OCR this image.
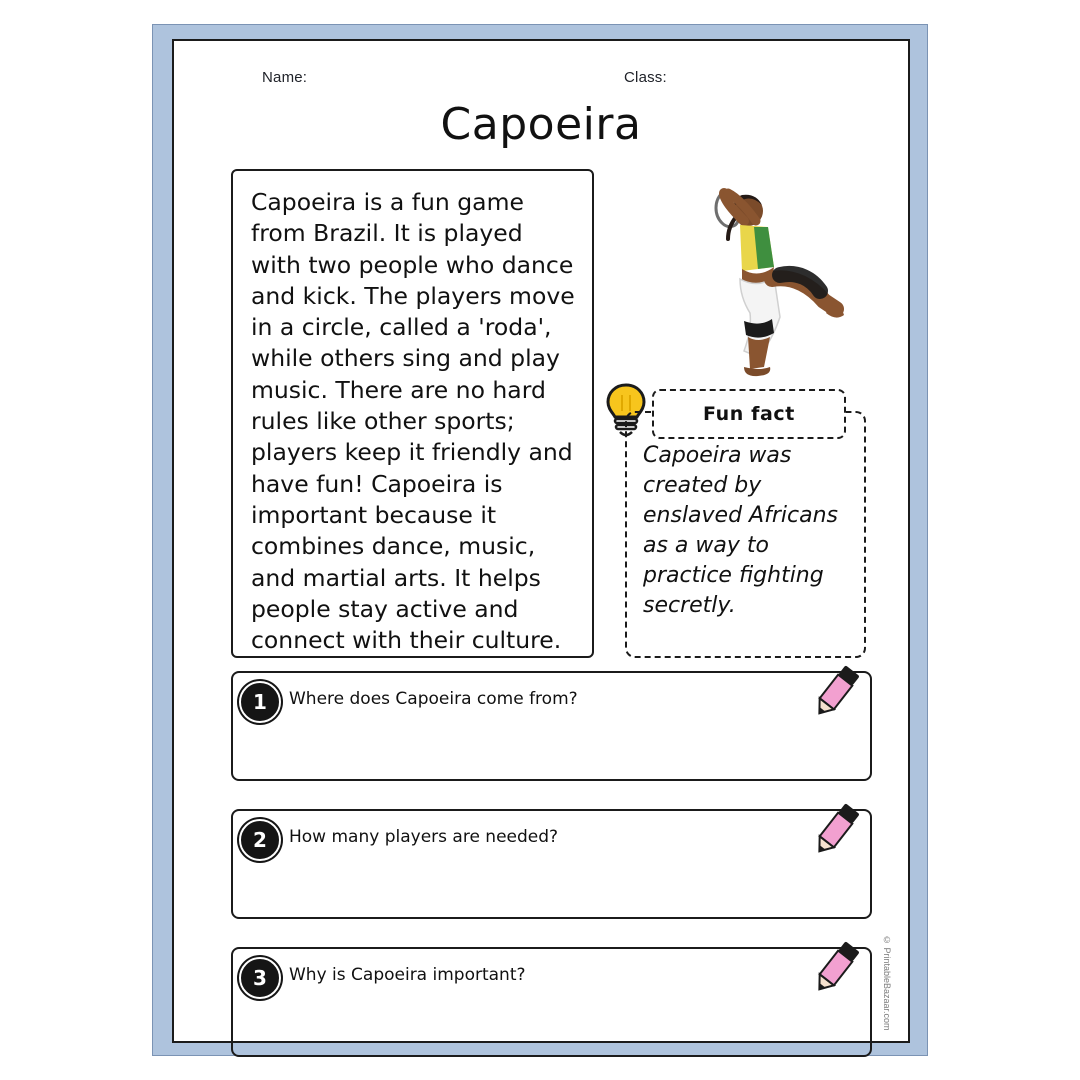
Name:	Class:
Capoeira
Capoeira is a fun game from Brazil. It is played with two people who dance and kick. The players move in a circle, called a 'roda', while others sing and play music. There are no hard rules like other sports; players keep it friendly and have fun! Capoeira is important because it combines dance, music, and martial arts. It helps people stay active and connect with their culture.
Capoeira was created by enslaved Africans as a way to practice fighting secretly.
Fun fact
1	Where does Capoeira come from?
2	How many players are needed?
3	Why is Capoeira important?	© PrintableBazaar.com
